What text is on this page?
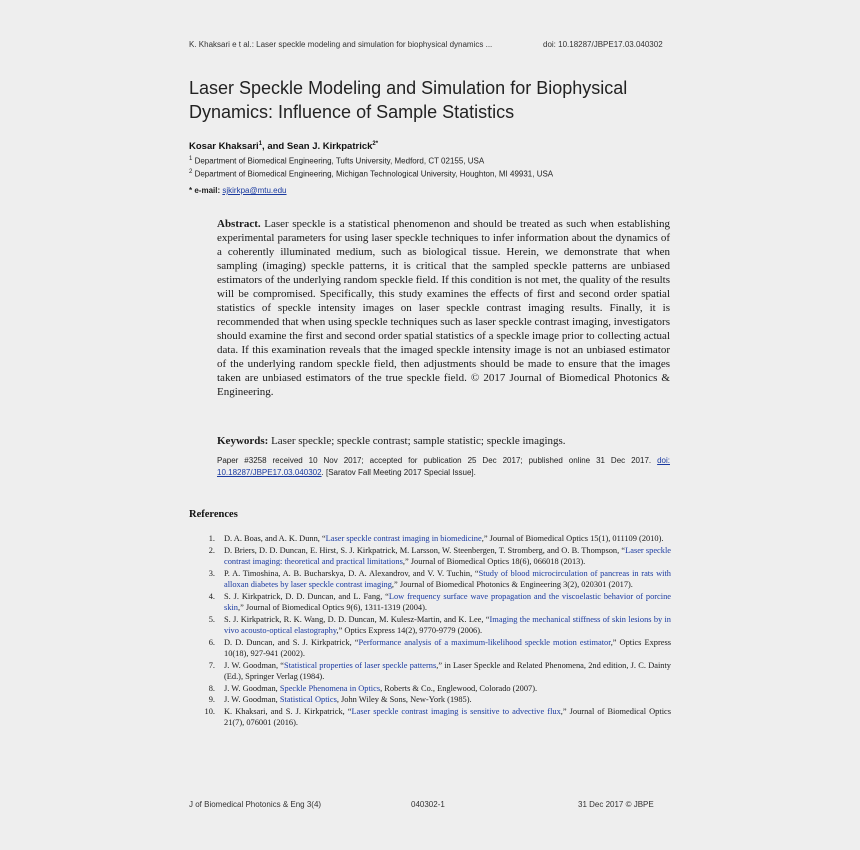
K. Khaksari e t al.: Laser speckle modeling and simulation for biophysical dynamics ...	doi: 10.18287/JBPE17.03.040302
Laser Speckle Modeling and Simulation for Biophysical
Dynamics: Influence of Sample Statistics
Kosar Khaksari$^1$, and Sean J. Kirkpatrick$^{2*}$
$^1$ Department of Biomedical Engineering, Tufts University, Medford, CT 02155, USA
$^2$ Department of Biomedical Engineering, Michigan Technological University, Houghton, MI 49931, USA
* e-mail: sjkirkpa@mtu.edu
Abstract. Laser speckle is a statistical phenomenon and should be treated as such when establishing experimental parameters for using laser speckle techniques to infer information about the dynamics of a coherently illuminated medium, such as biological tissue. Herein, we demonstrate that when sampling (imaging) speckle patterns, it is critical that the sampled speckle patterns are unbiased estimators of the underlying random speckle field. If this condition is not met, the quality of the results will be compromised. Specifically, this study examines the effects of first and second order spatial statistics of speckle intensity images on laser speckle contrast imaging results. Finally, it is recommended that when using speckle techniques such as laser speckle contrast imaging, investigators should examine the first and second order spatial statistics of a speckle image prior to collecting actual data. If this examination reveals that the imaged speckle intensity image is not an unbiased estimator of the underlying random speckle field, then adjustments should be made to ensure that the images taken are unbiased estimators of the true speckle field. © 2017 Journal of Biomedical Photonics & Engineering.
Keywords: Laser speckle; speckle contrast; sample statistic; speckle imagings.
Paper #3258 received 10 Nov 2017; accepted for publication 25 Dec 2017; published online 31 Dec 2017. doi: 10.18287/JBPE17.03.040302. [Saratov Fall Meeting 2017 Special Issue].
References
1.	D. A. Boas, and A. K. Dunn, “Laser speckle contrast imaging in biomedicine,” Journal of Biomedical Optics 15(1), 011109 (2010).
2.	D. Briers, D. D. Duncan, E. Hirst, S. J. Kirkpatrick, M. Larsson, W. Steenbergen, T. Stromberg, and O. B. Thompson, “Laser speckle contrast imaging: theoretical and practical limitations,” Journal of Biomedical Optics 18(6), 066018 (2013).
3.	P. A. Timoshina, A. B. Bucharskya, D. A. Alexandrov, and V. V. Tuchin, “Study of blood microcirculation of pancreas in rats with alloxan diabetes by laser speckle contrast imaging,” Journal of Biomedical Photonics & Engineering 3(2), 020301 (2017).
4.	S. J. Kirkpatrick, D. D. Duncan, and L. Fang, “Low frequency surface wave propagation and the viscoelastic behavior of porcine skin,” Journal of Biomedical Optics 9(6), 1311-1319 (2004).
5.	S. J. Kirkpatrick, R. K. Wang, D. D. Duncan, M. Kulesz-Martin, and K. Lee, “Imaging the mechanical stiffness of skin lesions by in vivo acousto-optical elastography,” Optics Express 14(2), 9770-9779 (2006).
6.	D. D. Duncan, and S. J. Kirkpatrick, “Performance analysis of a maximum-likelihood speckle motion estimator,” Optics Express 10(18), 927-941 (2002).
7.	J. W. Goodman, “Statistical properties of laser speckle patterns,” in Laser Speckle and Related Phenomena, 2nd edition, J. C. Dainty (Ed.), Springer Verlag (1984).
8.	J. W. Goodman, Speckle Phenomena in Optics, Roberts & Co., Englewood, Colorado (2007).
9.	J. W. Goodman, Statistical Optics, John Wiley & Sons, New-York (1985).
10.	K. Khaksari, and S. J. Kirkpatrick, “Laser speckle contrast imaging is sensitive to advective flux,” Journal of Biomedical Optics 21(7), 076001 (2016).
J of Biomedical Photonics & Eng 3(4)	040302-1	31 Dec 2017 © JBPE
